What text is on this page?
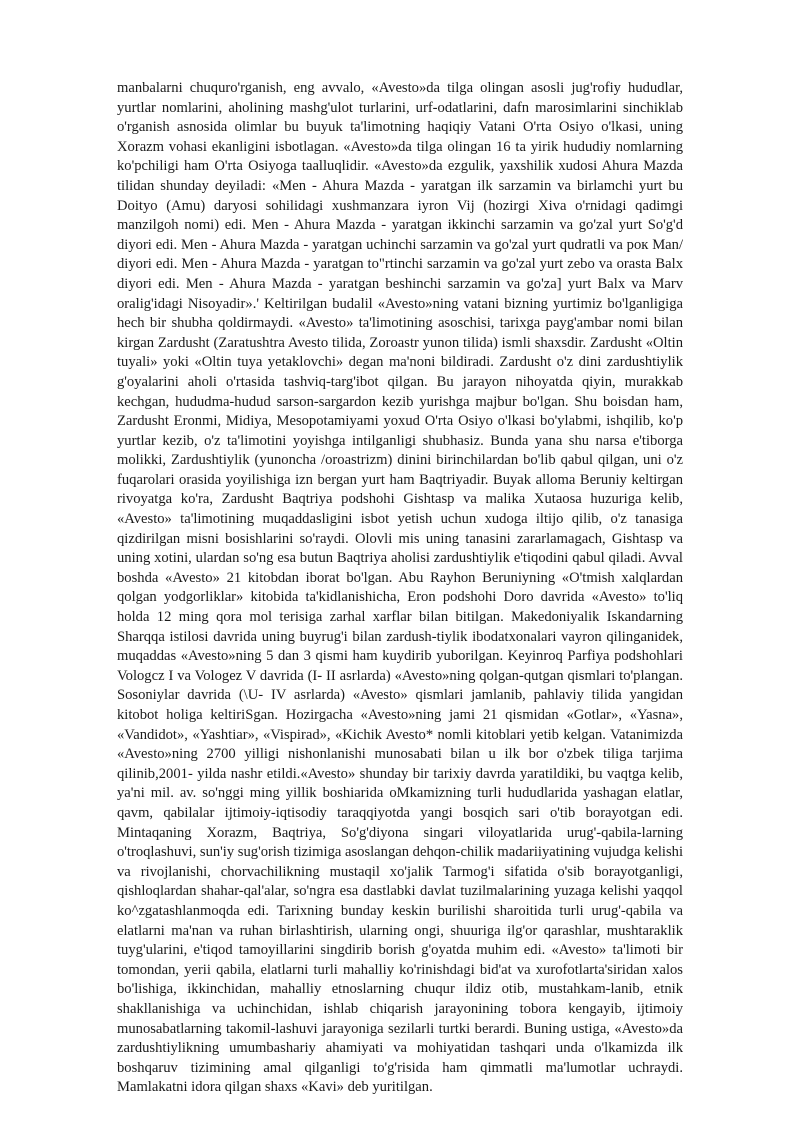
manbalarni chuquro'rganish, eng avvalo, «Avesto»da tilga olingan asosli jug'rofiy hududlar, yurtlar nomlarini, aholining mashg'ulot turlarini, urf-odatlarini, dafn marosimlarini sinchiklab o'rganish asnosida olimlar bu buyuk ta'limotning haqiqiy Vatani O'rta Osiyo o'lkasi, uning Xorazm vohasi ekanligini isbotlagan. «Avesto»da tilga olingan 16 ta yirik hududiy nomlarning ko'pchiligi ham O'rta Osiyoga taalluqlidir. «Avesto»da ezgulik, yaxshilik xudosi Ahura Mazda tilidan shunday deyiladi: «Men - Ahura Mazda - yaratgan ilk sarzamin va birlamchi yurt bu Doityo (Amu) daryosi sohilidagi xushmanzara iyron Vij (hozirgi Xiva o'rnidagi qadimgi manzilgoh nomi) edi. Men - Ahura Mazda - yaratgan ikkinchi sarzamin va go'zal yurt So'g'd diyori edi. Men - Ahura Mazda - yaratgan uchinchi sarzamin va go'zal yurt qudratli va poк Man/ diyori edi. Men - Ahura Mazda - yaratgan to"rtinchi sarzamin va go'zal yurt zebo va orasta Balx diyori edi. Men - Ahura Mazda - yaratgan beshinchi sarzamin va go'za] yurt Balx va Marv oralig'idagi Nisoyadir».' Keltirilgan budalil «Avesto»ning vatani bizning yurtimiz bo'lganligiga hech bir shubha qoldirmaydi. «Avesto» ta'limotining asoschisi, tarixga payg'ambar nomi bilan kirgan Zardusht (Zaratushtra Avesto tilida, Zoroastr yunon tilida) ismli shaxsdir. Zardusht «Oltin tuyali» yoki «Oltin tuya yetaklovchi» degan ma'noni bildiradi. Zardusht o'z dini zardushtiylik g'oyalarini aholi o'rtasida tashviq-targ'ibot qilgan. Bu jarayon nihoyatda qiyin, murakkab kechgan, hududma-hudud sarson-sargardon kezib yurishga majbur bo'lgan. Shu boisdan ham, Zardusht Eronmi, Midiya, Mesopotamiyami yoxud O'rta Osiyo o'lkasi bo'ylabmi, ishqilib, ko'p yurtlar kezib, o'z ta'limotini yoyishga intilganligi shubhasiz. Bunda yana shu narsa e'tiborga molikki, Zardushtiylik (yunoncha /oroastrizm) dinini birinchilardan bo'lib qabul qilgan, uni o'z fuqarolari orasida yoyilishiga izn bergan yurt ham Baqtriyadir. Buyak alloma Beruniy keltirgan rivoyatga ko'ra, Zardusht Baqtriya podshohi Gishtasp va malika Xutaosa huzuriga kelib, «Avesto» ta'limotining muqaddasligini isbot yetish uchun xudoga iltijo qilib, o'z tanasiga qizdirilgan misni bosishlarini so'raydi. Olovli mis uning tanasini zararlamagach, Gishtasp va uning xotini, ulardan so'ng esa butun Baqtriya aholisi zardushtiylik e'tiqodini qabul qiladi. Avval boshda «Avesto» 21 kitobdan iborat bo'lgan. Abu Rayhon Beruniyning «O'tmish xalqlardan qolgan yodgorliklar» kitobida ta'kidlanishicha, Eron podshohi Doro davrida «Avesto» to'liq holda 12 ming qora mol terisiga zarhal xarflar bilan bitilgan. Makedoniyalik Iskandarning Sharqqa istilosi davrida uning buyrug'i bilan zardush-tiylik ibodatxonalari vayron qilinganidek, muqaddas «Avesto»ning 5 dan 3 qismi ham kuydirib yuborilgan. Keyinroq Parfiya podshohlari Vologcz I va Vologez V davrida (I- II asrlarda) «Avesto»ning qolgan-qutgan qismlari to'plangan. Sosoniylar davrida (\U- IV asrlarda) «Avesto» qismlari jamlanib, pahlaviy tilida yangidan kitobot holiga keltiriSgan. Hozirgacha «Avesto»ning jami 21 qismidan «Gotlar», «Yasna», «Vandidot», «Yashtiar», «Vispirad», «Kichik Avesto* nomli kitoblari yetib kelgan. Vatanimizda «Avesto»ning 2700 yilligi nishonlanishi munosabati bilan u ilk bor o'zbek tiliga tarjima qilinib,2001- yilda nashr etildi.«Avesto» shunday bir tarixiy davrda yaratildiki, bu vaqtga kelib, ya'ni mil. av. so'nggi ming yillik boshiarida oMkamizning turli hududlarida yashagan elatlar, qavm, qabilalar ijtimoiy-iqtisodiy taraqqiyotda yangi bosqich sari o'tib borayotgan edi. Mintaqaning Xorazm, Baqtriya, So'g'diyona singari viloyatlarida urug'-qabila-larning o'troqlashuvi, sun'iy sug'orish tizimiga asoslangan dehqon-chilik madariiyatining vujudga kelishi va rivojlanishi, chorvachilikning mustaqil xo'jalik Tarmog'i sifatida o'sib borayotganligi, qishloqlardan shahar-qal'alar, so'ngra esa dastlabki davlat tuzilmalarining yuzaga kelishi yaqqol ko^zgatashlanmoqda edi. Tarixning bunday keskin burilishi sharoitida turli urug'-qabila va elatlarni ma'nan va ruhan birlashtirish, ularning ongi, shuuriga ilg'or qarashlar, mushtaraklik tuyg'ularini, e'tiqod tamoyillarini singdirib borish g'oyatda muhim edi. «Avesto» ta'limoti bir tomondan, yerii qabila, elatlarni turli mahalliy ko'rinishdagi bid'at va xurofotlarta'siridan xalos bo'lishiga, ikkinchidan, mahalliy etnoslarning chuqur ildiz otib, mustahkam-lanib, etnik shakllanishiga va uchinchidan, ishlab chiqarish jarayonining tobora kengayib, ijtimoiy munosabatlarning takomil-lashuvi jarayoniga sezilarli turtki berardi. Buning ustiga, «Avesto»da zardushtiylikning umumbashariy ahamiyati va mohiyatidan tashqari unda o'lkamizda ilk boshqaruv tizimining amal qilganligi to'g'risida ham qimmatli ma'lumotlar uchraydi. Mamlakatni idora qilgan shaxs «Kavi» deb yuritilgan.
